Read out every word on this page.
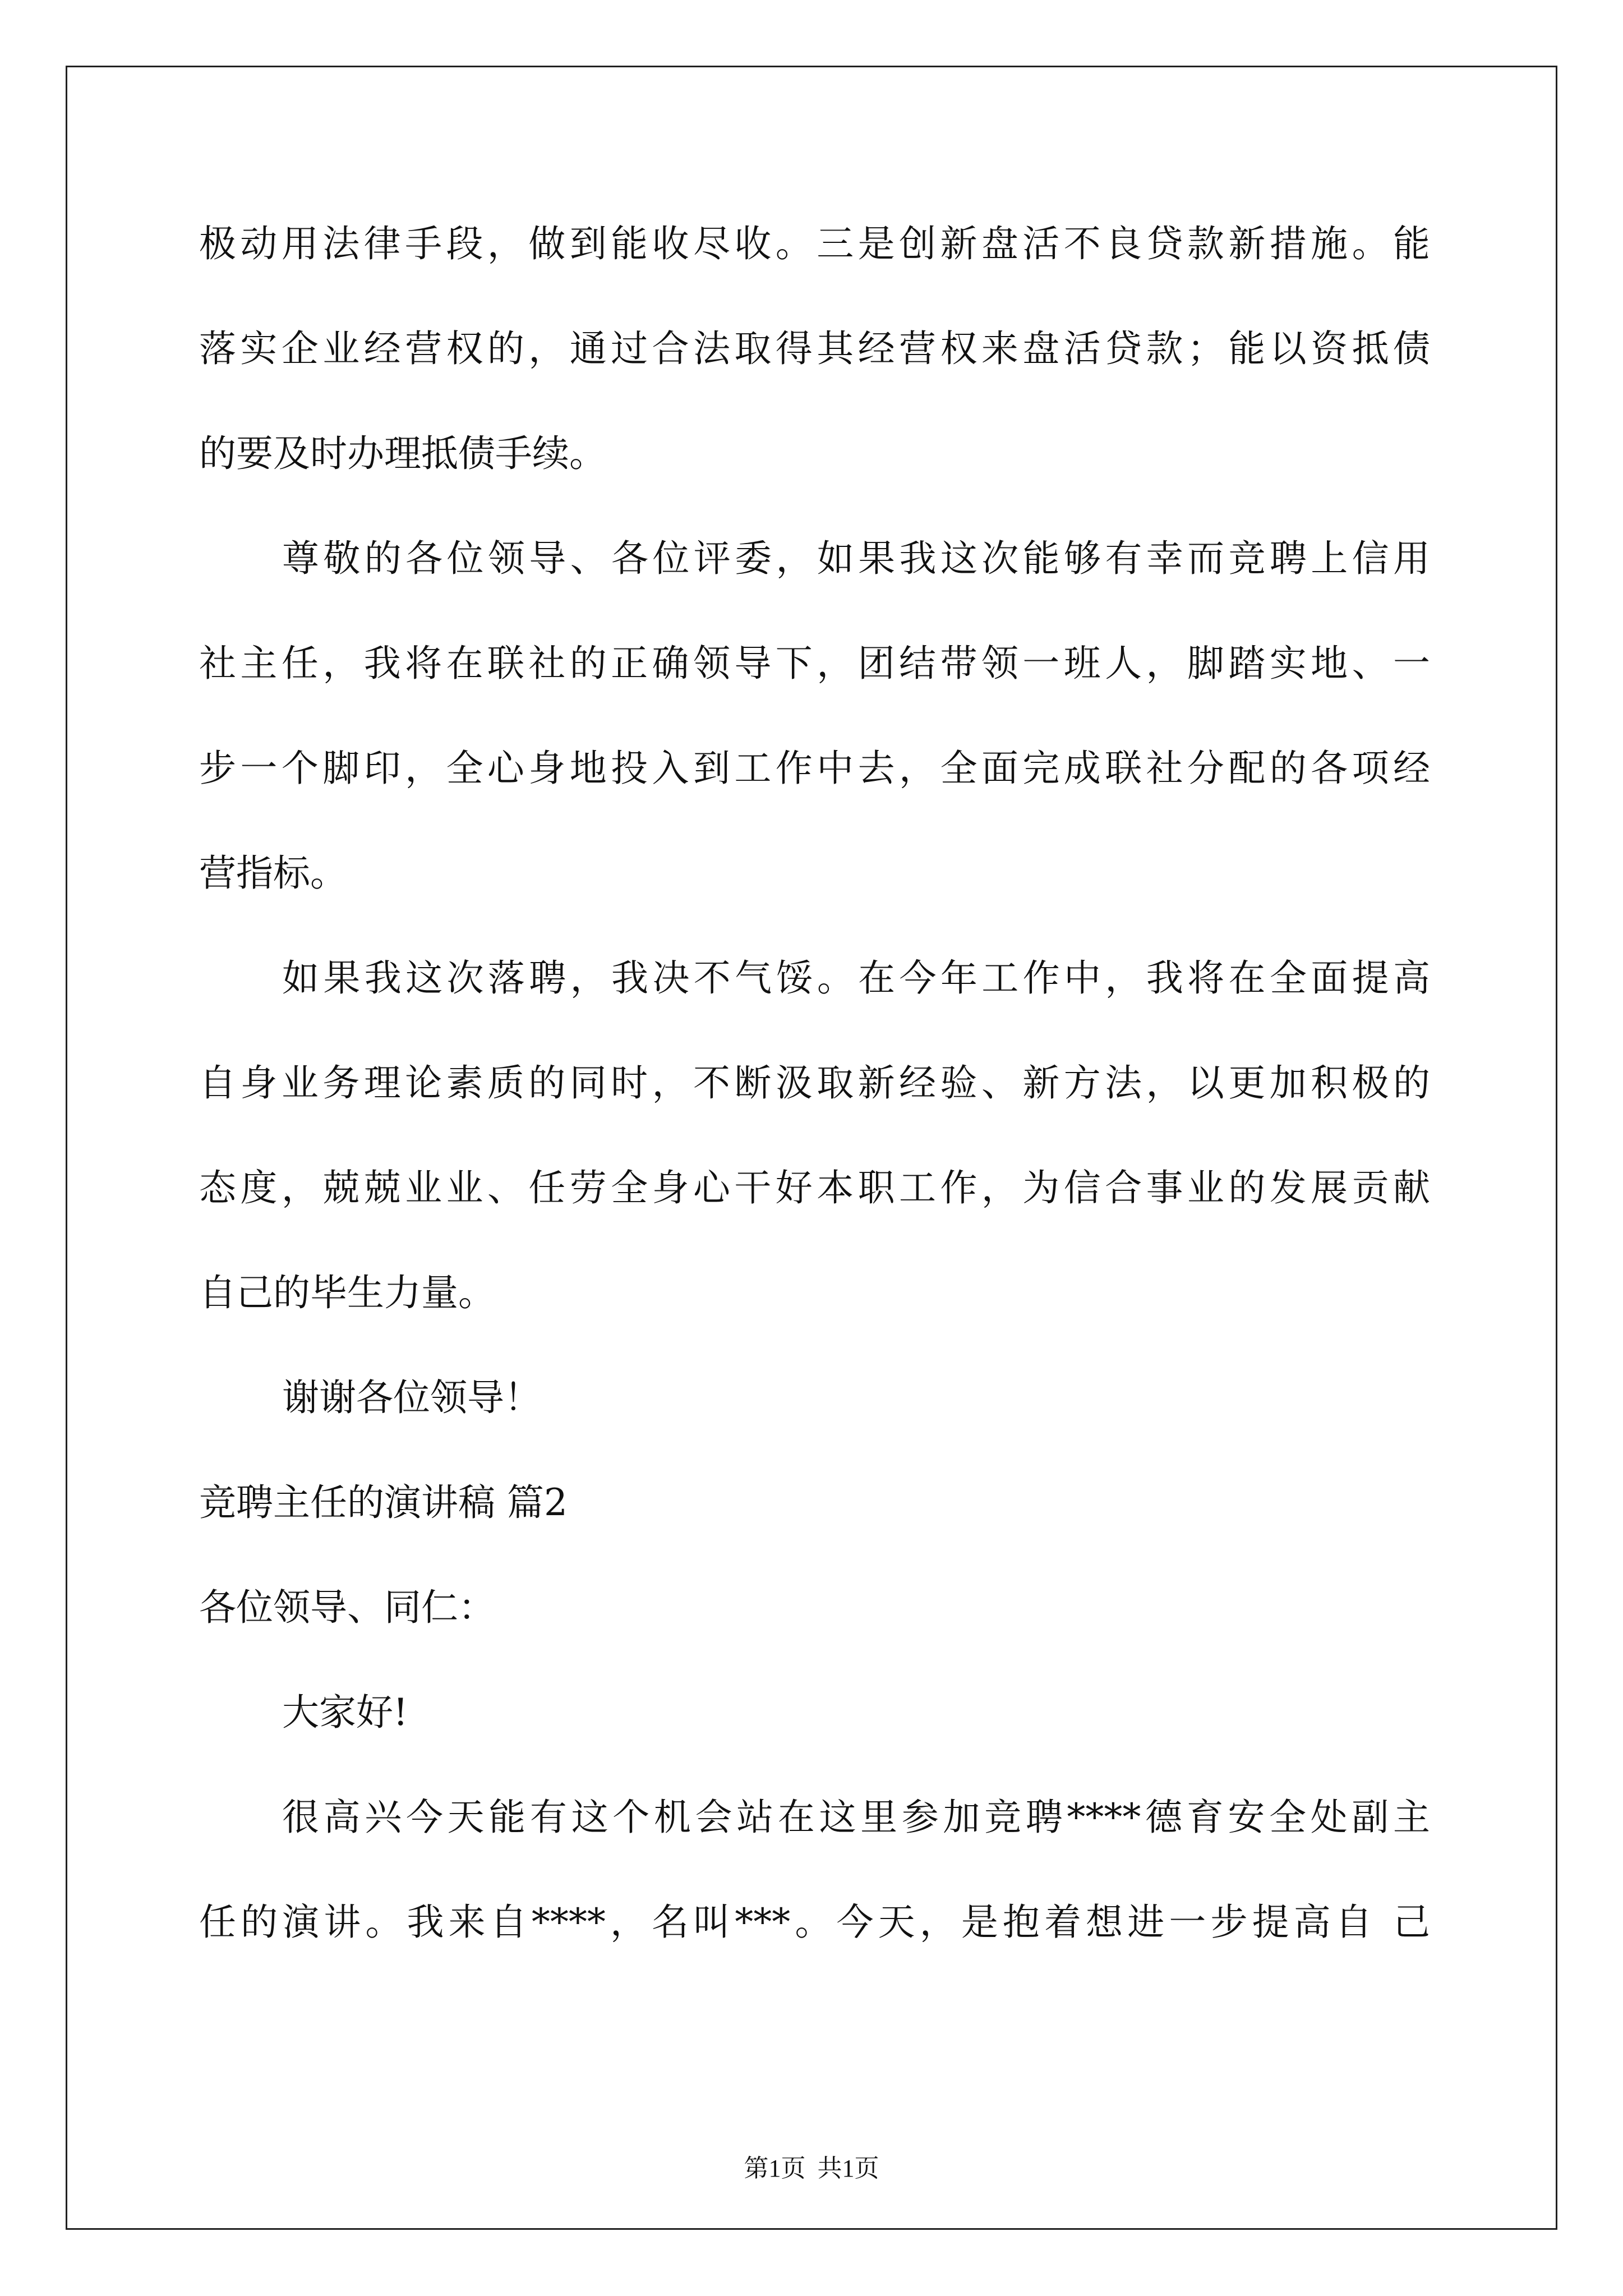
极动用法律手段，做到能收尽收。三是创新盘活不良贷款新措施。能
落实企业经营权的，通过合法取得其经营权来盘活贷款；能以资抵债
的要及时办理抵债手续。
尊敬的各位领导、各位评委，如果我这次能够有幸而竞聘上信用
社主任，我将在联社的正确领导下，团结带领一班人，脚踏实地、一
步一个脚印，全心身地投入到工作中去，全面完成联社分配的各项经
营指标。
如果我这次落聘，我决不气馁。在今年工作中，我将在全面提高
自身业务理论素质的同时，不断汲取新经验、新方法，以更加积极的
态度，兢兢业业、任劳全身心干好本职工作，为信合事业的发展贡献
自己的毕生力量。
谢谢各位领导！
竞聘主任的演讲稿 篇2
各位领导、同仁：
大家好!
很高兴今天能有这个机会站在这里参加竞聘****德育安全处副主
任的演讲。我来自****，名叫***。今天，是抱着想进一步提高自 己
第1页 共1页
